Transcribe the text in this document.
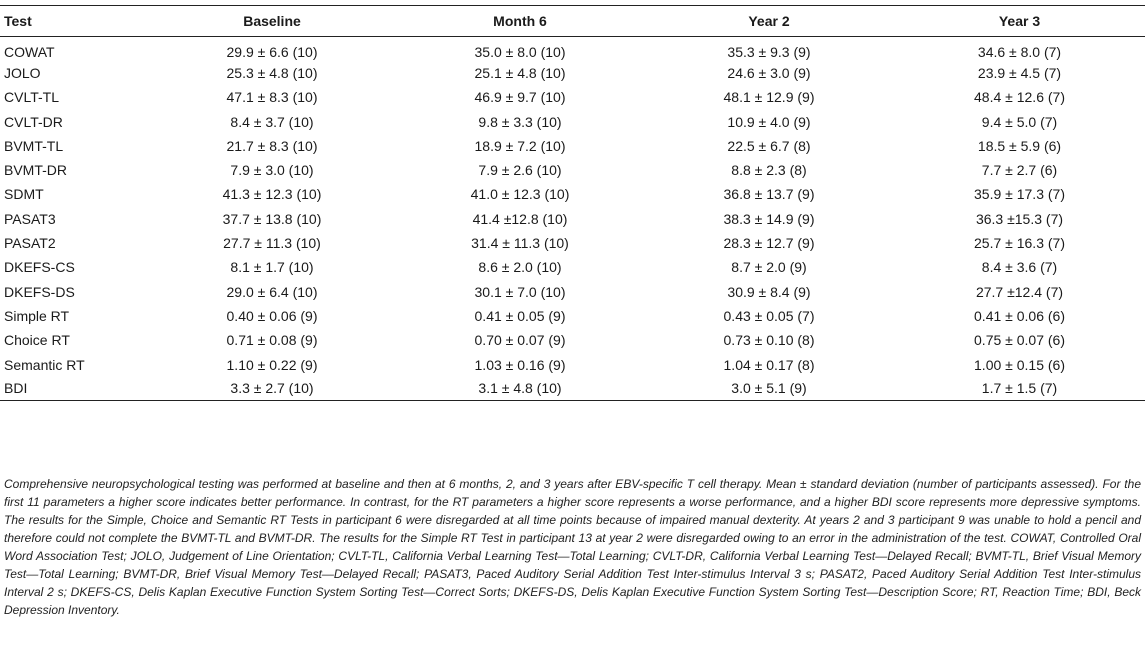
Test	Baseline	Month 6	Year 2	Year 3
COWAT	29.9 ± 6.6 (10)	35.0 ± 8.0 (10)	35.3 ± 9.3 (9)	34.6 ± 8.0 (7)
JOLO	25.3 ± 4.8 (10)	25.1 ± 4.8 (10)	24.6 ± 3.0 (9)	23.9 ± 4.5 (7)
CVLT-TL	47.1 ± 8.3 (10)	46.9 ± 9.7 (10)	48.1 ± 12.9 (9)	48.4 ± 12.6 (7)
CVLT-DR	8.4 ± 3.7 (10)	9.8 ± 3.3 (10)	10.9 ± 4.0 (9)	9.4 ± 5.0 (7)
BVMT-TL	21.7 ± 8.3 (10)	18.9 ± 7.2 (10)	22.5 ± 6.7 (8)	18.5 ± 5.9 (6)
BVMT-DR	7.9 ± 3.0 (10)	7.9 ± 2.6 (10)	8.8 ± 2.3 (8)	7.7 ± 2.7 (6)
SDMT	41.3 ± 12.3 (10)	41.0 ± 12.3 (10)	36.8 ± 13.7 (9)	35.9 ± 17.3 (7)
PASAT3	37.7 ± 13.8 (10)	41.4 ±12.8 (10)	38.3 ± 14.9 (9)	36.3 ±15.3 (7)
PASAT2	27.7 ± 11.3 (10)	31.4 ± 11.3 (10)	28.3 ± 12.7 (9)	25.7 ± 16.3 (7)
DKEFS-CS	8.1 ± 1.7 (10)	8.6 ± 2.0 (10)	8.7 ± 2.0 (9)	8.4 ± 3.6 (7)
DKEFS-DS	29.0 ± 6.4 (10)	30.1 ± 7.0 (10)	30.9 ± 8.4 (9)	27.7 ±12.4 (7)
Simple RT	0.40 ± 0.06 (9)	0.41 ± 0.05 (9)	0.43 ± 0.05 (7)	0.41 ± 0.06 (6)
Choice RT	0.71 ± 0.08 (9)	0.70 ± 0.07 (9)	0.73 ± 0.10 (8)	0.75 ± 0.07 (6)
Semantic RT	1.10 ± 0.22 (9)	1.03 ± 0.16 (9)	1.04 ± 0.17 (8)	1.00 ± 0.15 (6)
BDI	3.3 ± 2.7 (10)	3.1 ± 4.8 (10)	3.0 ± 5.1 (9)	1.7 ± 1.5 (7)

Comprehensive neuropsychological testing was performed at baseline and then at 6 months, 2, and 3 years after EBV-specific T cell therapy. Mean ± standard deviation (number of participants assessed). For the first 11 parameters a higher score indicates better performance. In contrast, for the RT parameters a higher score represents a worse performance, and a higher BDI score represents more depressive symptoms. The results for the Simple, Choice and Semantic RT Tests in participant 6 were disregarded at all time points because of impaired manual dexterity. At years 2 and 3 participant 9 was unable to hold a pencil and therefore could not complete the BVMT-TL and BVMT-DR. The results for the Simple RT Test in participant 13 at year 2 were disregarded owing to an error in the administration of the test. COWAT, Controlled Oral Word Association Test; JOLO, Judgement of Line Orientation; CVLT-TL, California Verbal Learning Test—Total Learning; CVLT-DR, California Verbal Learning Test—Delayed Recall; BVMT-TL, Brief Visual Memory Test—Total Learning; BVMT-DR, Brief Visual Memory Test—Delayed Recall; PASAT3, Paced Auditory Serial Addition Test Inter-stimulus Interval 3 s; PASAT2, Paced Auditory Serial Addition Test Inter-stimulus Interval 2 s; DKEFS-CS, Delis Kaplan Executive Function System Sorting Test—Correct Sorts; DKEFS-DS, Delis Kaplan Executive Function System Sorting Test—Description Score; RT, Reaction Time; BDI, Beck Depression Inventory.
